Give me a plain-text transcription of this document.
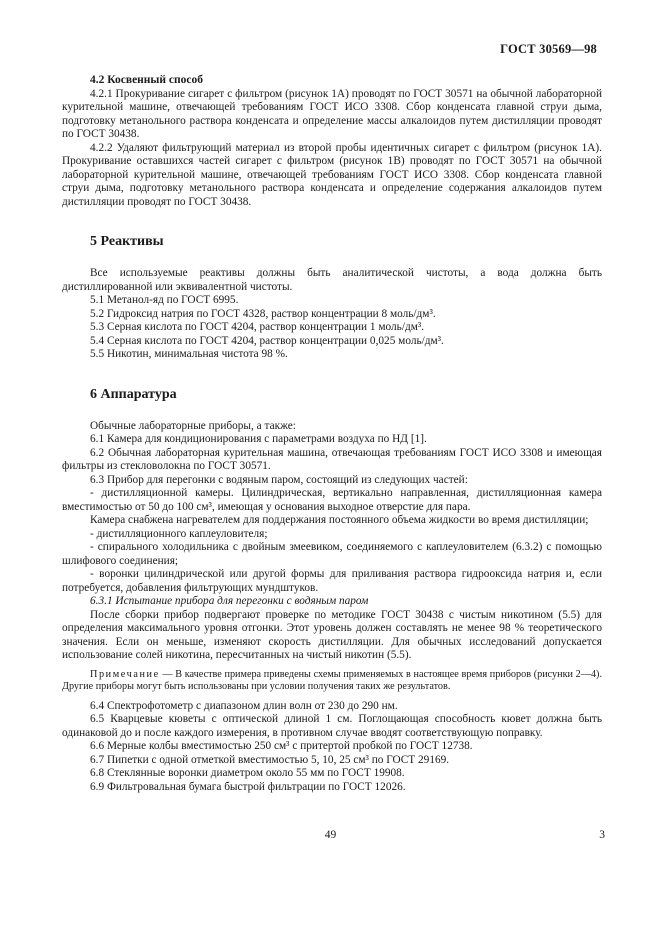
ГОСТ 30569—98

4.2 Косвенный способ

4.2.1 Прокуривание сигарет с фильтром (рисунок 1А) проводят по ГОСТ 30571 на обычной лабораторной курительной машине, отвечающей требованиям ГОСТ ИСО 3308. Сбор конденсата главной струи дыма, подготовку метанольного раствора конденсата и определение массы алкалоидов путем дистилляции проводят по ГОСТ 30438.

4.2.2 Удаляют фильтрующий материал из второй пробы идентичных сигарет с фильтром (рисунок 1А). Прокуривание оставшихся частей сигарет с фильтром (рисунок 1В) проводят по ГОСТ 30571 на обычной лабораторной курительной машине, отвечающей требованиям ГОСТ ИСО 3308. Сбор конденсата главной струи дыма, подготовку метанольного раствора конденсата и определение содержания алкалоидов путем дистилляции проводят по ГОСТ 30438.

5 Реактивы

Все используемые реактивы должны быть аналитической чистоты, а вода должна быть дистиллированной или эквивалентной чистоты.

5.1 Метанол-яд по ГОСТ 6995.

5.2 Гидроксид натрия по ГОСТ 4328, раствор концентрации 8 моль/дм³.

5.3 Серная кислота по ГОСТ 4204, раствор концентрации 1 моль/дм³.

5.4 Серная кислота по ГОСТ 4204, раствор концентрации 0,025 моль/дм³.

5.5 Никотин, минимальная чистота 98 %.

6 Аппаратура

Обычные лабораторные приборы, а также:

6.1 Камера для кондиционирования с параметрами воздуха по НД [1].

6.2 Обычная лабораторная курительная машина, отвечающая требованиям ГОСТ ИСО 3308 и имеющая фильтры из стекловолокна по ГОСТ 30571.

6.3 Прибор для перегонки с водяным паром, состоящий из следующих частей:

- дистилляционной камеры. Цилиндрическая, вертикально направленная, дистилляционная камера вместимостью от 50 до 100 см³, имеющая у основания выходное отверстие для пара.

Камера снабжена нагревателем для поддержания постоянного объема жидкости во время дистилляции;

- дистилляционного каплеуловителя;

- спирального холодильника с двойным змеевиком, соединяемого с каплеуловителем (6.3.2) с помощью шлифового соединения;

- воронки цилиндрической или другой формы для приливания раствора гидрооксида натрия и, если потребуется, добавления фильтрующих мундштуков.

6.3.1 Испытание прибора для перегонки с водяным паром

После сборки прибор подвергают проверке по методике ГОСТ 30438 с чистым никотином (5.5) для определения максимального уровня отгонки. Этот уровень должен составлять не менее 98 % теоретического значения. Если он меньше, изменяют скорость дистилляции. Для обычных исследований допускается использование солей никотина, пересчитанных на чистый никотин (5.5).

Примечание — В качестве примера приведены схемы применяемых в настоящее время приборов (рисунки 2—4). Другие приборы могут быть использованы при условии получения таких же результатов.

6.4 Спектрофотометр с диапазоном длин волн от 230 до 290 нм.

6.5 Кварцевые кюветы с оптической длиной 1 см. Поглощающая способность кювет должна быть одинаковой до и после каждого измерения, в противном случае вводят соответствующую поправку.

6.6 Мерные колбы вместимостью 250 см³ с притертой пробкой по ГОСТ 12738.

6.7 Пипетки с одной отметкой вместимостью 5, 10, 25 см³ по ГОСТ 29169.

6.8 Стеклянные воронки диаметром около 55 мм по ГОСТ 19908.

6.9 Фильтровальная бумага быстрой фильтрации по ГОСТ 12026.

49	3
